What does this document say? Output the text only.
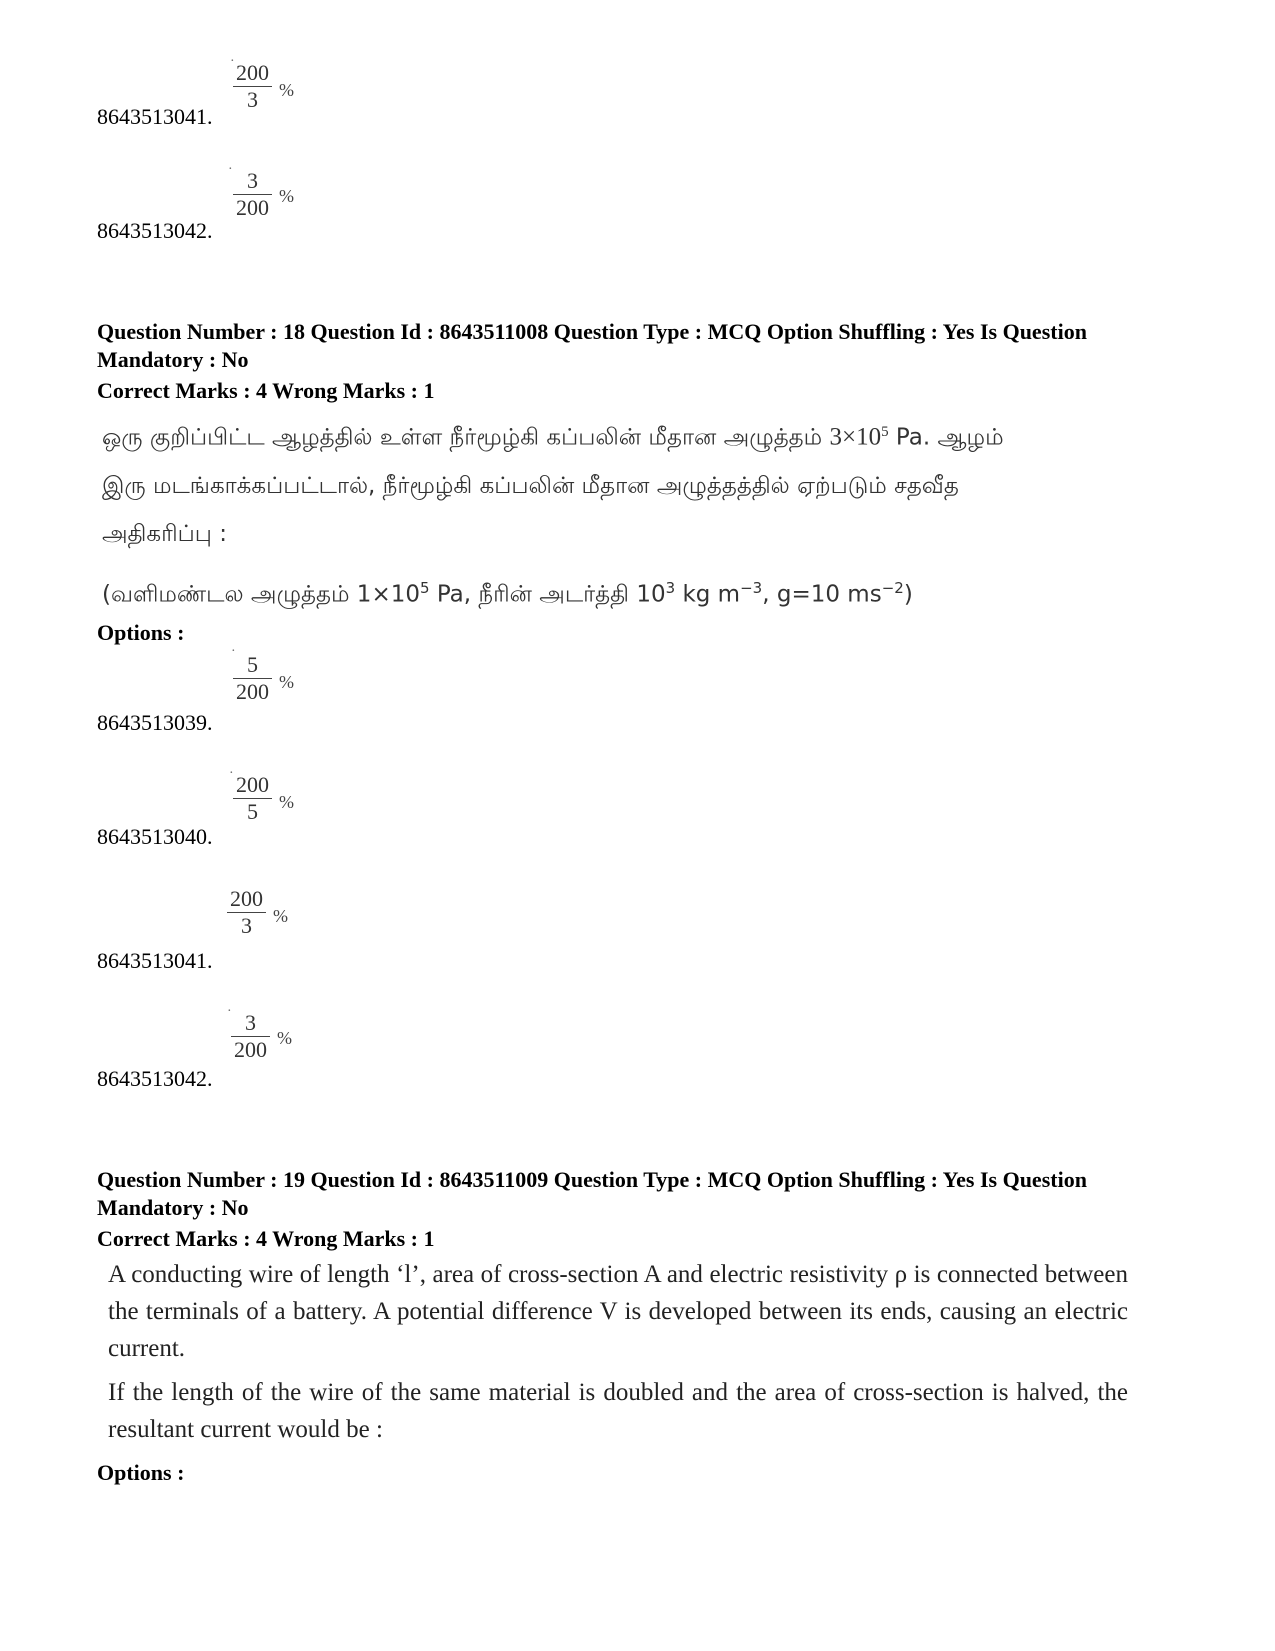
· 200
3	%
8643513041.
· 3
200 %
8643513042.
Question Number : 18 Question Id : 8643511008 Question Type : MCQ Option Shuffling : Yes Is Question Mandatory : No
Correct Marks : 4 Wrong Marks : 1
ஒரு குறிப்பிட்ட ஆழத்தில் உள்ள நீர்மூழ்கி கப்பலின் மீதான அழுத்தம் $3\times 10^5$ Pa. ஆழம்
இரு மடங்காக்கப்பட்டால், நீர்மூழ்கி கப்பலின் மீதான அழுத்தத்தில் ஏற்படும் சதவீத
அதிகரிப்பு :
(வளிமண்டல அழுத்தம் $1\times 10^5$ Pa, நீரின் அடர்த்தி $10^3$ kg $m^{-3}$, g=10 $ms^{-2}$)
Options :
·
5
200 %
8643513039.
· 200
5	%
8643513040.
200
3	%
8643513041.
· 3
200 %
8643513042.
Question Number : 19 Question Id : 8643511009 Question Type : MCQ Option Shuffling : Yes Is Question Mandatory : No
Correct Marks : 4 Wrong Marks : 1
A conducting wire of length ‘l’, area of cross-section A and electric resistivity ρ is connected between the terminals of a battery. A potential difference V is developed between its ends, causing an electric current.
If the length of the wire of the same material is doubled and the area of cross-section is halved, the resultant current would be :
Options :
